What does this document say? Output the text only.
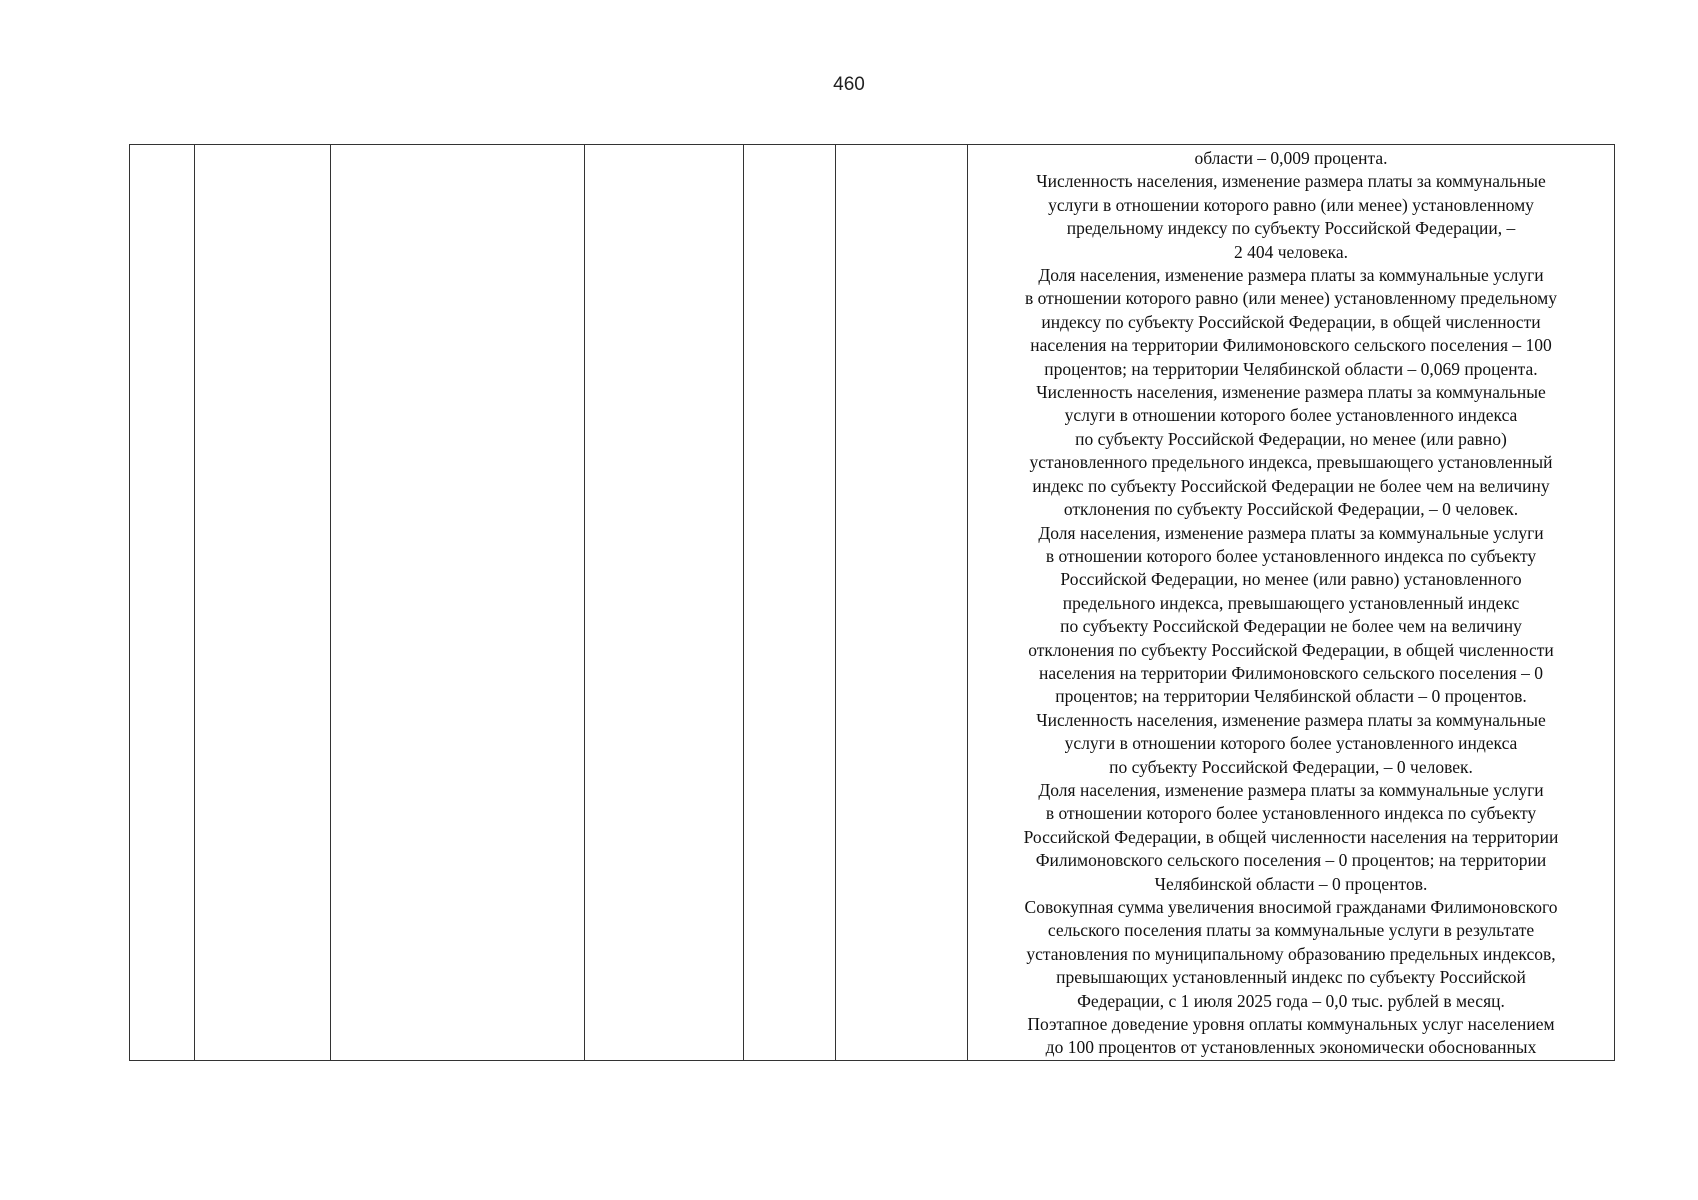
460

области – 0,009 процента.
Численность населения, изменение размера платы за коммунальные
услуги в отношении которого равно (или менее) установленному
предельному индексу по субъекту Российской Федерации, –
2 404 человека.
Доля населения, изменение размера платы за коммунальные услуги
в отношении которого равно (или менее) установленному предельному
индексу по субъекту Российской Федерации, в общей численности
населения на территории Филимоновского сельского поселения – 100
процентов; на территории Челябинской области – 0,069 процента.
Численность населения, изменение размера платы за коммунальные
услуги в отношении которого более установленного индекса
по субъекту Российской Федерации, но менее (или равно)
установленного предельного индекса, превышающего установленный
индекс по субъекту Российской Федерации не более чем на величину
отклонения по субъекту Российской Федерации, – 0 человек.
Доля населения, изменение размера платы за коммунальные услуги
в отношении которого более установленного индекса по субъекту
Российской Федерации, но менее (или равно) установленного
предельного индекса, превышающего установленный индекс
по субъекту Российской Федерации не более чем на величину
отклонения по субъекту Российской Федерации, в общей численности
населения на территории Филимоновского сельского поселения – 0
процентов; на территории Челябинской области – 0 процентов.
Численность населения, изменение размера платы за коммунальные
услуги в отношении которого более установленного индекса
по субъекту Российской Федерации, – 0 человек.
Доля населения, изменение размера платы за коммунальные услуги
в отношении которого более установленного индекса по субъекту
Российской Федерации, в общей численности населения на территории
Филимоновского сельского поселения – 0 процентов; на территории
Челябинской области – 0 процентов.
Совокупная сумма увеличения вносимой гражданами Филимоновского
сельского поселения платы за коммунальные услуги в результате
установления по муниципальному образованию предельных индексов,
превышающих установленный индекс по субъекту Российской
Федерации, с 1 июля 2025 года – 0,0 тыс. рублей в месяц.
Поэтапное доведение уровня оплаты коммунальных услуг населением
до 100 процентов от установленных экономически обоснованных
